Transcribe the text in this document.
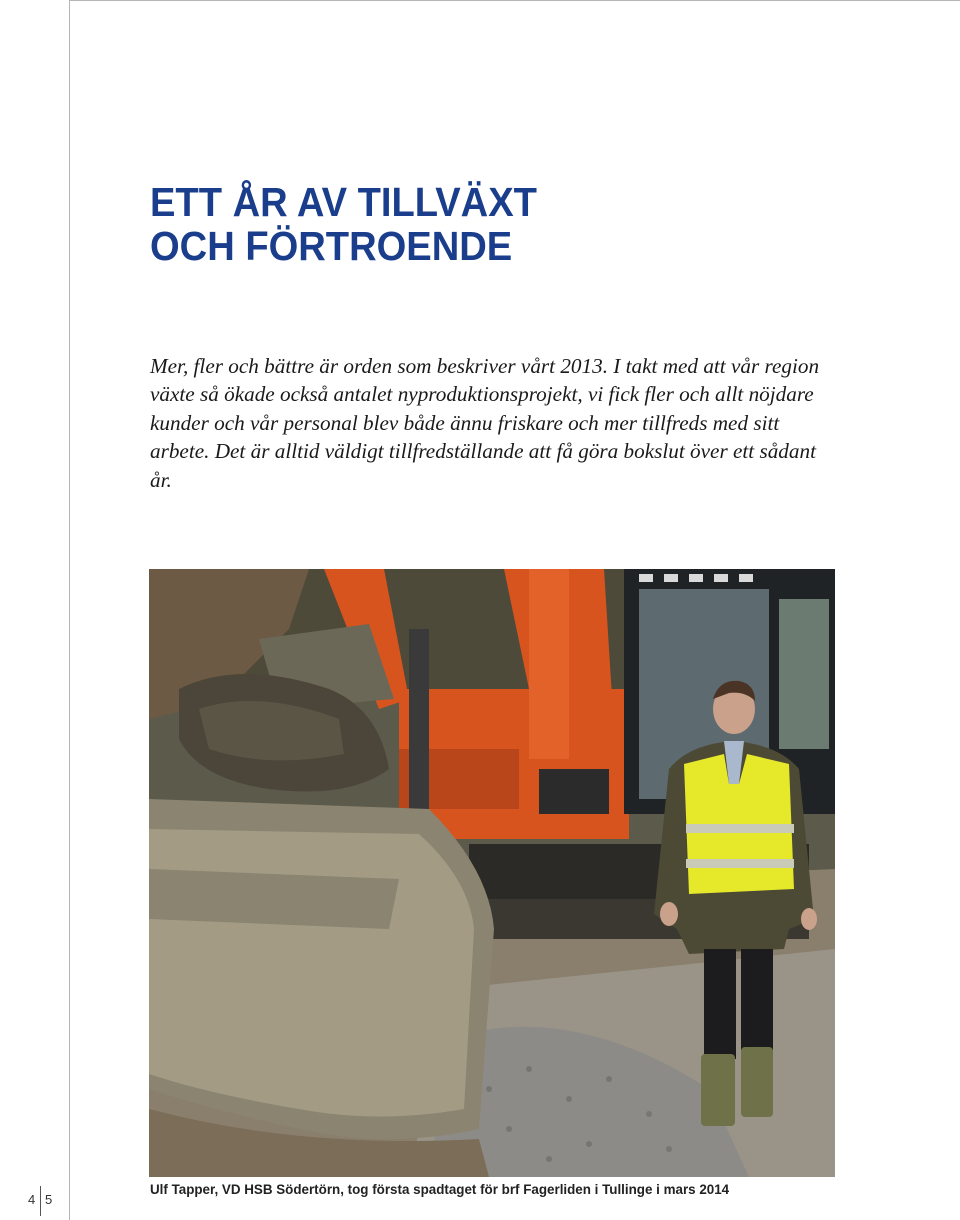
ETT ÅR AV TILLVÄXT
OCH FÖRTROENDE

Mer, fler och bättre är orden som beskriver vårt 2013. I takt med att vår region växte så ökade också antalet nyproduktionsprojekt, vi fick fler och allt nöjdare kunder och vår personal blev både ännu friskare och mer tillfreds med sitt arbete. Det är alltid väldigt tillfredställande att få göra bokslut över ett sådant år.

Ulf Tapper, VD HSB Södertörn, tog första spadtaget för brf Fagerliden i Tullinge i mars 2014

4 5
